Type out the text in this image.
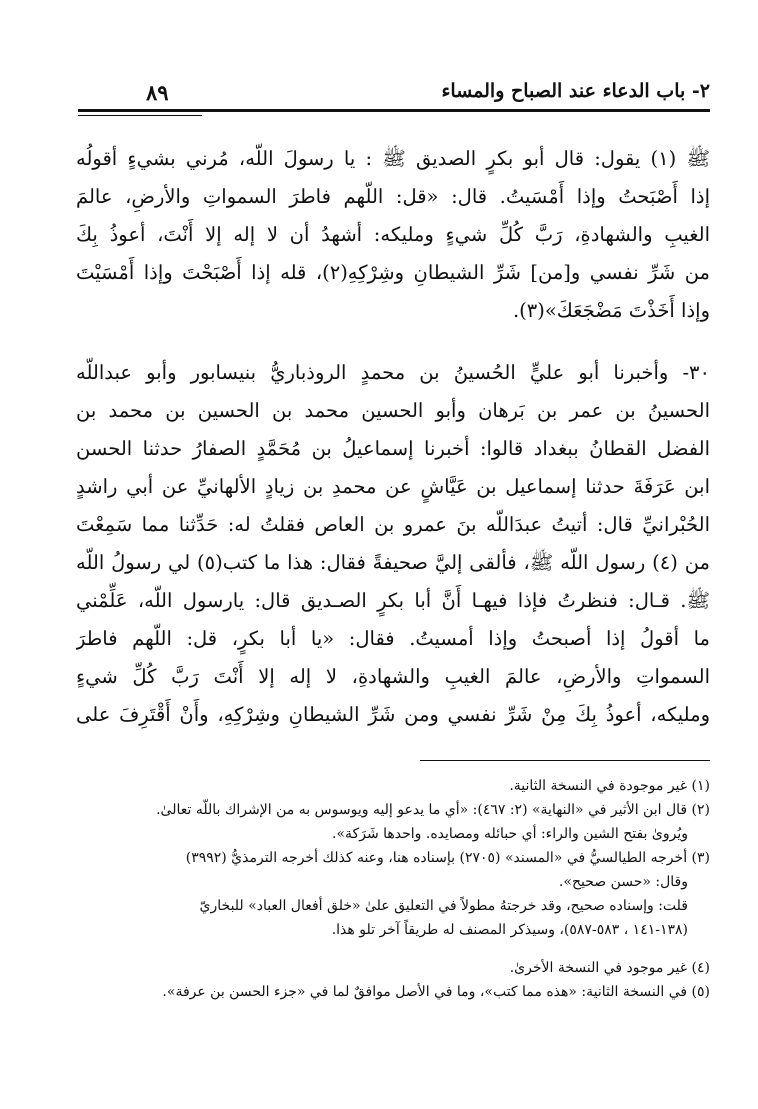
٢- باب الدعاء عند الصباح والمساء
٨٩
ﷺ (١) يقول: قال أبو بكرٍ الصديق ﷺ : يا رسولَ اللّه، مُرني بشيءٍ أقولُه
إذا أَصْبَحتُ وإذا أَمْسَيتُ. قال: «قل: اللّهم فاطرَ السمواتِ والأرضِ، عالمَ
الغيبِ والشهادةِ، رَبَّ كُلِّ شيءٍ ومليكه: أشهدُ أن لا إله إلا أَنْتَ، أعوذُ بِكَ
من شَرِّ نفسي و[من] شَرِّ الشيطانِ وشِرْكِهِ(٢)، قله إذا أَصْبَحْتَ وإذا أَمْسَيْتَ
وإذا أَخَذْتَ مَضْجَعَكَ»(٣).
٣٠- وأخبرنا أبو عليٍّ الحُسينُ بن محمدٍ الروذباريُّ بنيسابور وأبو عبداللّه
الحسينُ بن عمر بن بَرهان وأبو الحسين محمد بن الحسين بن محمد بن
الفضل القطانُ ببغداد قالوا: أخبرنا إسماعيلُ بن مُحَمَّدٍ الصفارُ حدثنا الحسن
ابن عَرَفَةَ حدثنا إسماعيل بن عَيَّاشٍ عن محمدِ بن زيادٍ الألهانيِّ عن أبي راشدٍ
الحُبْرانيِّ قال: أتيتُ عبدَاللّه بنَ عمرو بن العاص فقلتُ له: حَدِّثنا مما سَمِعْتَ
من (٤) رسول اللّه ﷺ، فألقى إليَّ صحيفةً فقال: هذا ما كتب(٥) لي رسولُ اللّه
ﷺ. قـال: فنظرتُ فإذا فيهـا أَنَّ أبا بكرٍ الصـديق قال: يارسول اللّه، عَلِّمْني
ما أقولُ إذا أصبحتُ وإذا أمسيتُ. فقال: «يا أبا بكرٍ، قل: اللّهم فاطرَ
السمواتِ والأرضِ، عالمَ الغيبِ والشهادةِ، لا إله إلا أَنْتَ رَبَّ كُلِّ شيءٍ
ومليكه، أعوذُ بِكَ مِنْ شَرِّ نفسي ومن شَرِّ الشيطانِ وشِرْكِهِ، وأَنْ أَقْتَرِفَ على
(١) غير موجودة في النسخة الثانية.
(٢) قال ابن الأثير في «النهاية» (٢: ٤٦٧): «أي ما يدعو إليه ويوسوس به من الإشراك باللّه تعالىٰ.
ويُروىٰ بفتح الشين والراء: أي حبائله ومصايده. واحدها شَرَكة».
(٣) أخرجه الطيالسيُّ في «المسند» (٢٧٠٥) بإسناده هنا، وعنه كذلك أخرجه الترمذيُّ (٣٩٩٢)
وقال: «حسن صحيح».
قلت: وإسناده صحيح، وقد خرجتهُ مطولاً في التعليق علىٰ «خلق أفعال العباد» للبخاريّ
(١٣٨-١٤١ ، ٥٨٣-٥٨٧)، وسيذكر المصنف له طريقاً آخر تلو هذا.
(٤) غير موجود في النسخة الأخرىٰ.
(٥) في النسخة الثانية: «هذه مما كتب»، وما في الأصل موافقٌ لما في «جزء الحسن بن عرفة».
